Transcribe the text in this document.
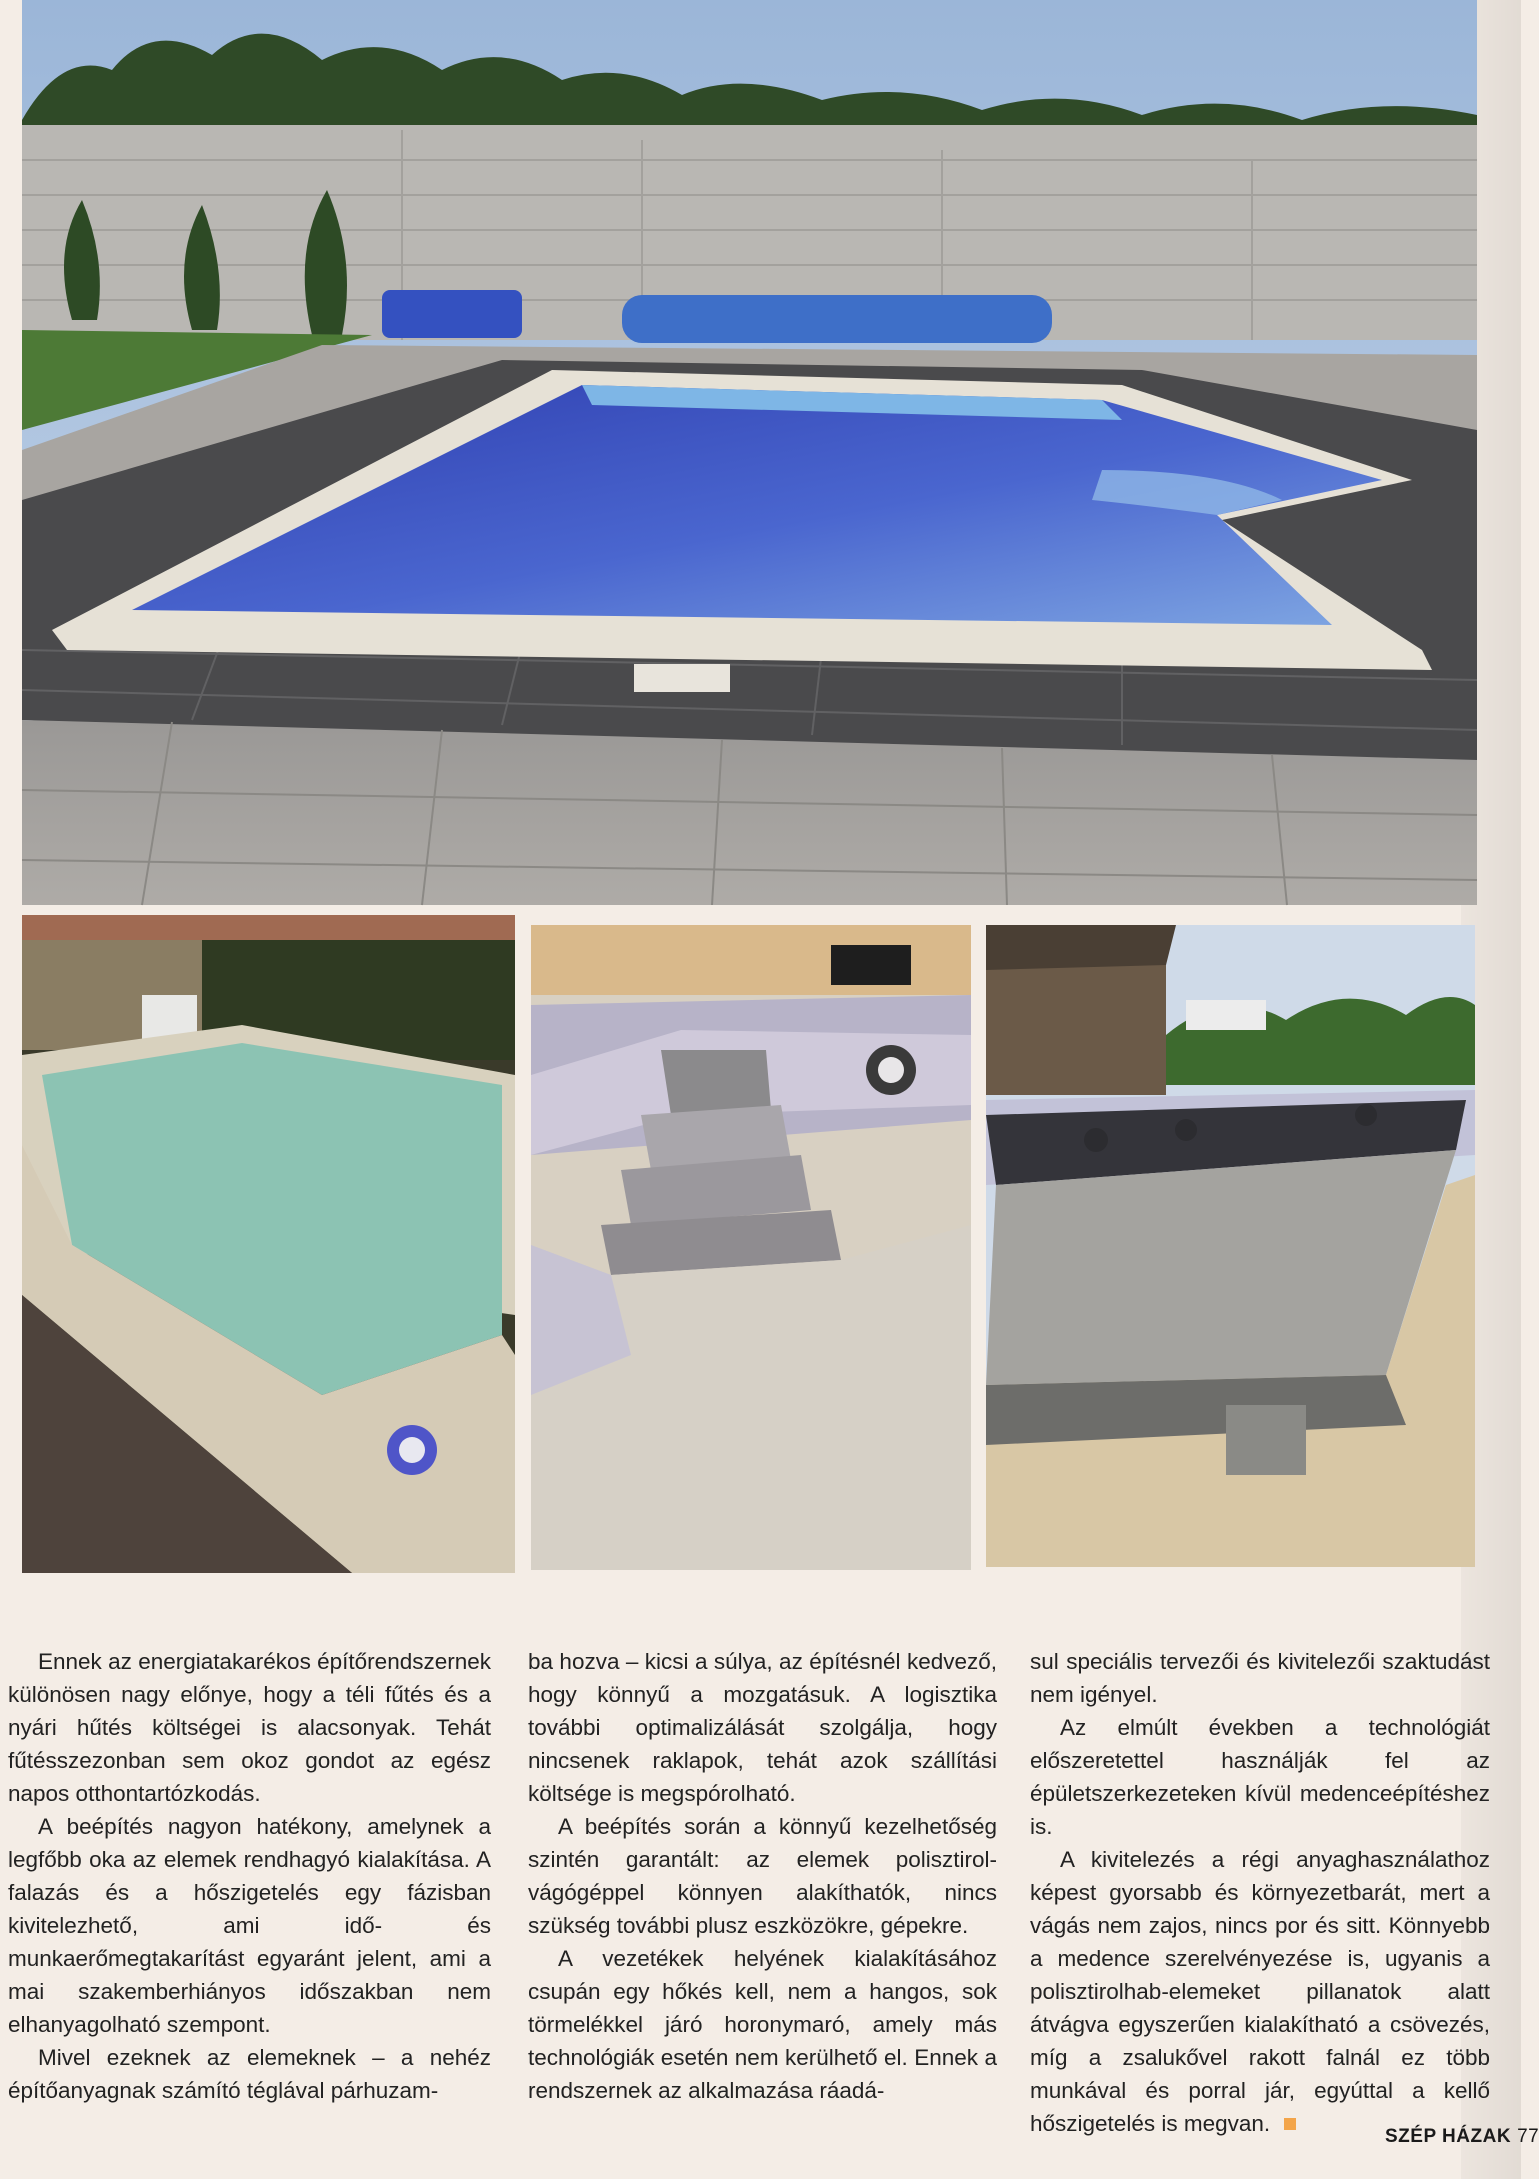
Ennek az energiatakarékos építőrendszernek különösen nagy előnye, hogy a téli fűtés és a nyári hűtés költségei is alacsonyak. Tehát fűtésszezonban sem okoz gondot az egész napos otthontartózkodás.

A beépítés nagyon hatékony, amelynek a legfőbb oka az elemek rendhagyó kialakítása. A falazás és a hőszigetelés egy fázisban kivitelezhető, ami idő- és munkaerőmegtakarítást egyaránt jelent, ami a mai szakemberhiányos időszakban nem elhanyagolható szempont.

Mivel ezeknek az elemeknek – a nehéz építőanyagnak számító téglával párhuzam-

ba hozva – kicsi a súlya, az építésnél kedvező, hogy könnyű a mozgatásuk. A logisztika további optimalizálását szolgálja, hogy nincsenek raklapok, tehát azok szállítási költsége is megspórolható.

A beépítés során a könnyű kezelhetőség szintén garantált: az elemek polisztirol-vágógéppel könnyen alakíthatók, nincs szükség további plusz eszközökre, gépekre.

A vezetékek helyének kialakításához csupán egy hőkés kell, nem a hangos, sok törmelékkel járó horonymaró, amely más technológiák esetén nem kerülhető el. Ennek a rendszernek az alkalmazása ráadá-

sul speciális tervezői és kivitelezői szaktudást nem igényel.

Az elmúlt években a technológiát előszeretettel használják fel az épületszerkezeteken kívül medenceépítéshez is.

A kivitelezés a régi anyaghasználathoz képest gyorsabb és környezetbarát, mert a vágás nem zajos, nincs por és sitt. Könnyebb a medence szerelvényezése is, ugyanis a polisztirolhab-elemeket pillanatok alatt átvágva egyszerűen kialakítható a csövezés, míg a zsalukővel rakott falnál ez több munkával és porral jár, egyúttal a kellő hőszigetelés is megvan.

SZÉP HÁZAK 77
